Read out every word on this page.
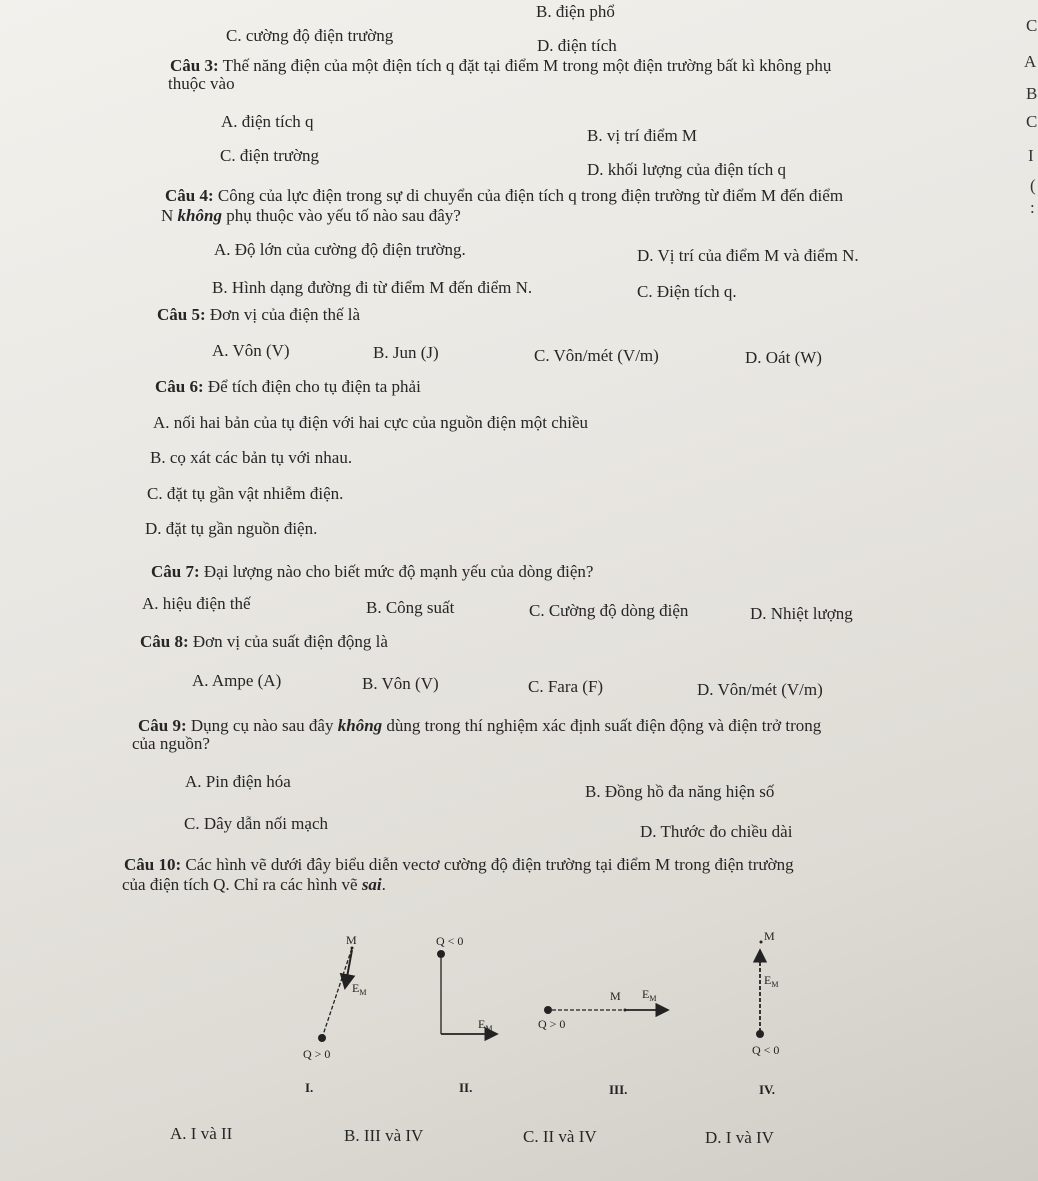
B. điện phổ
C. cường độ điện trường
D. điện tích
C
A
B
C
I
(
:
Câu 3: Thế năng điện của một điện tích q đặt tại điểm M trong một điện trường bất kì không phụ
thuộc vào
A. điện tích q
B. vị trí điểm M
C. điện trường
D. khối lượng của điện tích q
Câu 4: Công của lực điện trong sự di chuyển của điện tích q trong điện trường từ điểm M đến điểm
N không phụ thuộc vào yếu tố nào sau đây?
A. Độ lớn của cường độ điện trường.	D. Vị trí của điểm M và điểm N.
B. Hình dạng đường đi từ điểm M đến điểm N.	C. Điện tích q.
Câu 5: Đơn vị của điện thế là
A. Vôn (V)	B. Jun (J)	C. Vôn/mét (V/m)	D. Oát (W)
Câu 6: Để tích điện cho tụ điện ta phải
A. nối hai bản của tụ điện với hai cực của nguồn điện một chiều
B. cọ xát các bản tụ với nhau.
C. đặt tụ gần vật nhiễm điện.
D. đặt tụ gần nguồn điện.
Câu 7: Đại lượng nào cho biết mức độ mạnh yếu của dòng điện?
A. hiệu điện thế	B. Công suất	C. Cường độ dòng điện	D. Nhiệt lượng
Câu 8: Đơn vị của suất điện động là
A. Ampe (A)	B. Vôn (V)	C. Fara (F)	D. Vôn/mét (V/m)
Câu 9: Dụng cụ nào sau đây không dùng trong thí nghiệm xác định suất điện động và điện trở trong
của nguồn?
A. Pin điện hóa
B. Đồng hồ đa năng hiện số
C. Dây dẫn nối mạch	D. Thước đo chiều dài
Câu 10: Các hình vẽ dưới đây biểu diễn vectơ cường độ điện trường tại điểm M trong điện trường
của điện tích Q. Chỉ ra các hình vẽ sai.
M
$E_M$
Q > 0
I.
Q < 0
$E_M$
II.
M $E_M$
Q > 0
III.
M
$E_M$
Q < 0
IV.
A. I và II	B. III và IV	C. II và IV	D. I và IV
